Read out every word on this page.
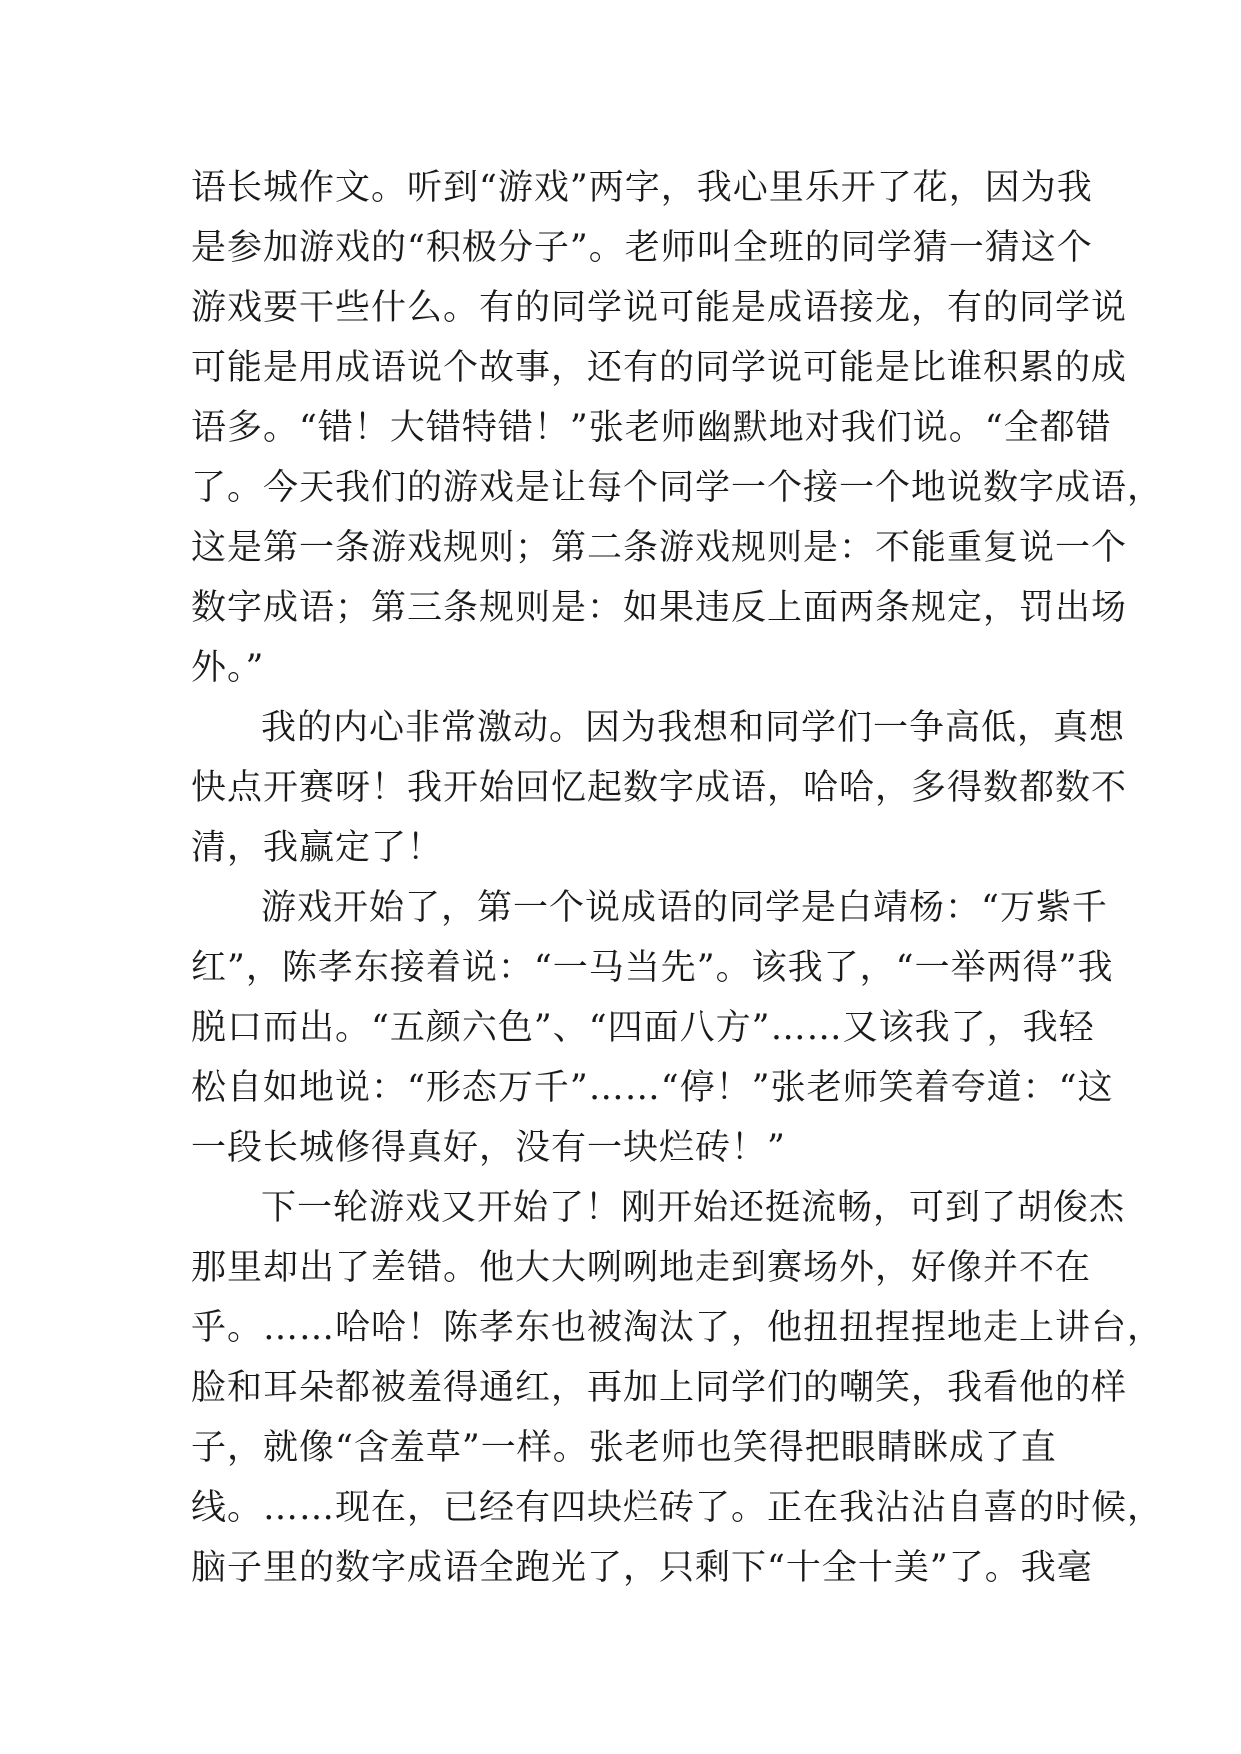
语长城作文。听到“游戏”两字，我心里乐开了花，因为我
是参加游戏的“积极分子”。老师叫全班的同学猜一猜这个
游戏要干些什么。有的同学说可能是成语接龙，有的同学说
可能是用成语说个故事，还有的同学说可能是比谁积累的成
语多。“错！大错特错！”张老师幽默地对我们说。“全都错
了。今天我们的游戏是让每个同学一个接一个地说数字成语，
这是第一条游戏规则；第二条游戏规则是：不能重复说一个
数字成语；第三条规则是：如果违反上面两条规定，罚出场
外。”
我的内心非常激动。因为我想和同学们一争高低，真想
快点开赛呀！我开始回忆起数字成语，哈哈，多得数都数不
清，我赢定了！
游戏开始了，第一个说成语的同学是白靖杨：“万紫千
红”，陈孝东接着说：“一马当先”。该我了，“一举两得”我
脱口而出。“五颜六色”、“四面八方”……又该我了，我轻
松自如地说：“形态万千”……“停！”张老师笑着夸道：“这
一段长城修得真好，没有一块烂砖！”
下一轮游戏又开始了！刚开始还挺流畅，可到了胡俊杰
那里却出了差错。他大大咧咧地走到赛场外，好像并不在
乎。……哈哈！陈孝东也被淘汰了，他扭扭捏捏地走上讲台，
脸和耳朵都被羞得通红，再加上同学们的嘲笑，我看他的样
子，就像“含羞草”一样。张老师也笑得把眼睛眯成了直
线。……现在，已经有四块烂砖了。正在我沾沾自喜的时候，
脑子里的数字成语全跑光了，只剩下“十全十美”了。我毫
